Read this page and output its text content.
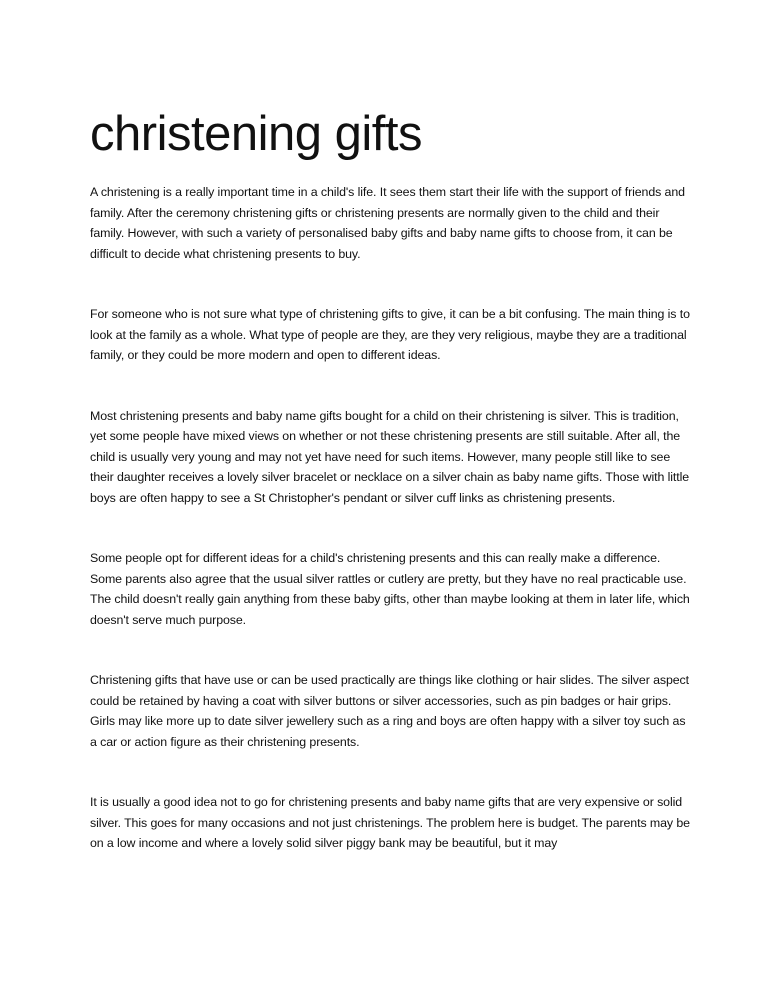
christening gifts

A christening is a really important time in a child's life. It sees them start their life with the support of friends and family. After the ceremony christening gifts or christening presents are normally given to the child and their family. However, with such a variety of personalised baby gifts and baby name gifts to choose from, it can be difficult to decide what christening presents to buy.

For someone who is not sure what type of christening gifts to give, it can be a bit confusing. The main thing is to look at the family as a whole. What type of people are they, are they very religious, maybe they are a traditional family, or they could be more modern and open to different ideas.

Most christening presents and baby name gifts bought for a child on their christening is silver. This is tradition, yet some people have mixed views on whether or not these christening presents are still suitable. After all, the child is usually very young and may not yet have need for such items. However, many people still like to see their daughter receives a lovely silver bracelet or necklace on a silver chain as baby name gifts. Those with little boys are often happy to see a St Christopher's pendant or silver cuff links as christening presents.

Some people opt for different ideas for a child's christening presents and this can really make a difference. Some parents also agree that the usual silver rattles or cutlery are pretty, but they have no real practicable use. The child doesn't really gain anything from these baby gifts, other than maybe looking at them in later life, which doesn't serve much purpose.

Christening gifts that have use or can be used practically are things like clothing or hair slides. The silver aspect could be retained by having a coat with silver buttons or silver accessories, such as pin badges or hair grips. Girls may like more up to date silver jewellery such as a ring and boys are often happy with a silver toy such as a car or action figure as their christening presents.

It is usually a good idea not to go for christening presents and baby name gifts that are very expensive or solid silver. This goes for many occasions and not just christenings. The problem here is budget. The parents may be on a low income and where a lovely solid silver piggy bank may be beautiful, but it may
